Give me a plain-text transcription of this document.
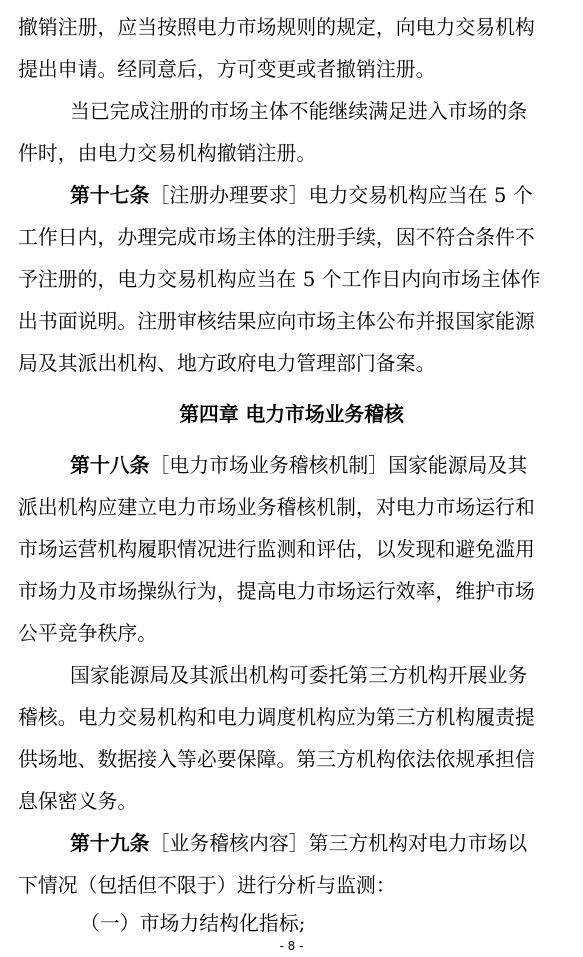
撤销注册，应当按照电力市场规则的规定，向电力交易机构
提出申请。经同意后，方可变更或者撤销注册。
当已完成注册的市场主体不能继续满足进入市场的条
件时，由电力交易机构撤销注册。
第十七条［注册办理要求］电力交易机构应当在 5 个
工作日内，办理完成市场主体的注册手续，因不符合条件不
予注册的，电力交易机构应当在 5 个工作日内向市场主体作
出书面说明。注册审核结果应向市场主体公布并报国家能源
局及其派出机构、地方政府电力管理部门备案。
第四章 电力市场业务稽核
第十八条［电力市场业务稽核机制］国家能源局及其
派出机构应建立电力市场业务稽核机制，对电力市场运行和
市场运营机构履职情况进行监测和评估，以发现和避免滥用
市场力及市场操纵行为，提高电力市场运行效率，维护市场
公平竞争秩序。
国家能源局及其派出机构可委托第三方机构开展业务
稽核。电力交易机构和电力调度机构应为第三方机构履责提
供场地、数据接入等必要保障。第三方机构依法依规承担信
息保密义务。
第十九条［业务稽核内容］第三方机构对电力市场以
下情况（包括但不限于）进行分析与监测：
（一）市场力结构化指标;
- 8 -
